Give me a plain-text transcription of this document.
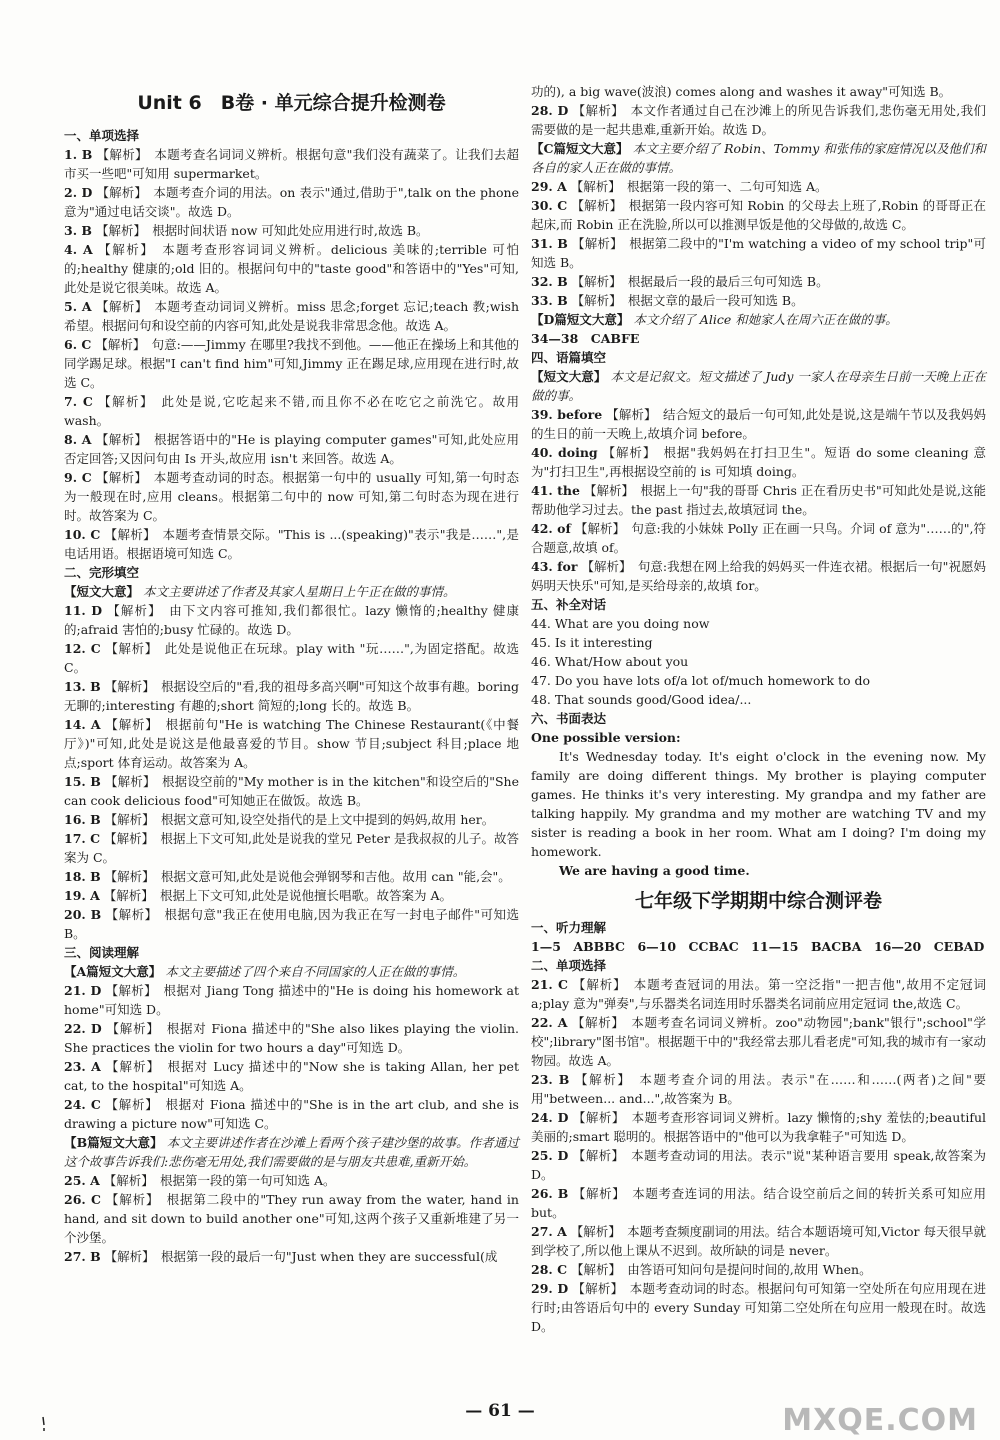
Unit 6　B卷 · 单元综合提升检测卷

一、单项选择

1. B 【解析】　本题考查名词词义辨析。根据句意"我们没有蔬菜了。让我们去超市买一些吧"可知用 supermarket。

2. D 【解析】　本题考查介词的用法。on 表示"通过,借助于",talk on the phone 意为"通过电话交谈"。故选 D。

3. B 【解析】　根据时间状语 now 可知此处应用进行时,故选 B。

4. A 【解析】　本题考查形容词词义辨析。delicious 美味的;terrible 可怕的;healthy 健康的;old 旧的。根据问句中的"taste good"和答语中的"Yes"可知,此处是说它很美味。故选 A。

5. A 【解析】　本题考查动词词义辨析。miss 思念;forget 忘记;teach 教;wish 希望。根据问句和设空前的内容可知,此处是说我非常思念他。故选 A。

6. C 【解析】　句意:——Jimmy 在哪里?我找不到他。——他正在操场上和其他的同学踢足球。根据"I can't find him"可知,Jimmy 正在踢足球,应用现在进行时,故选 C。

7. C 【解析】　此处是说,它吃起来不错,而且你不必在吃它之前洗它。故用 wash。

8. A 【解析】　根据答语中的"He is playing computer games"可知,此处应用否定回答;又因问句由 Is 开头,故应用 isn't 来回答。故选 A。

9. C 【解析】　本题考查动词的时态。根据第一句中的 usually 可知,第一句时态为一般现在时,应用 cleans。根据第二句中的 now 可知,第二句时态为现在进行时。故答案为 C。

10. C 【解析】　本题考查情景交际。"This is ...(speaking)"表示"我是……",是电话用语。根据语境可知选 C。

二、完形填空

【短文大意】 本文主要讲述了作者及其家人星期日上午正在做的事情。

11. D 【解析】　由下文内容可推知,我们都很忙。lazy 懒惰的;healthy 健康的;afraid 害怕的;busy 忙碌的。故选 D。

12. C 【解析】　此处是说他正在玩球。play with "玩……",为固定搭配。故选 C。

13. B 【解析】　根据设空后的"看,我的祖母多高兴啊"可知这个故事有趣。boring 无聊的;interesting 有趣的;short 简短的;long 长的。故选 B。

14. A 【解析】　根据前句"He is watching The Chinese Restaurant(《中餐厅》)"可知,此处是说这是他最喜爱的节目。show 节目;subject 科目;place 地点;sport 体育运动。故答案为 A。

15. B 【解析】　根据设空前的"My mother is in the kitchen"和设空后的"She can cook delicious food"可知她正在做饭。故选 B。

16. B 【解析】　根据文意可知,设空处指代的是上文中提到的妈妈,故用 her。

17. C 【解析】　根据上下文可知,此处是说我的堂兄 Peter 是我叔叔的儿子。故答案为 C。

18. B 【解析】　根据文意可知,此处是说他会弹钢琴和吉他。故用 can "能,会"。

19. A 【解析】　根据上下文可知,此处是说他擅长唱歌。故答案为 A。

20. B 【解析】　根据句意"我正在使用电脑,因为我正在写一封电子邮件"可知选 B。

三、阅读理解

【A篇短文大意】 本文主要描述了四个来自不同国家的人正在做的事情。

21. D 【解析】　根据对 Jiang Tong 描述中的"He is doing his homework at home"可知选 D。

22. D 【解析】　根据对 Fiona 描述中的"She also likes playing the violin. She practices the violin for two hours a day"可知选 D。

23. A 【解析】　根据对 Lucy 描述中的"Now she is taking Allan, her pet cat, to the hospital"可知选 A。

24. C 【解析】　根据对 Fiona 描述中的"She is in the art club, and she is drawing a picture now"可知选 C。

【B篇短文大意】 本文主要讲述作者在沙滩上看两个孩子建沙堡的故事。作者通过这个故事告诉我们:悲伤毫无用处,我们需要做的是与朋友共患难,重新开始。

25. A 【解析】　根据第一段的第一句可知选 A。

26. C 【解析】　根据第二段中的"They run away from the water, hand in hand, and sit down to build another one"可知,这两个孩子又重新堆建了另一个沙堡。

27. B 【解析】　根据第一段的最后一句"Just when they are successful(成

功的), a big wave(波浪) comes along and washes it away"可知选 B。

28. D 【解析】　本文作者通过自己在沙滩上的所见告诉我们,悲伤毫无用处,我们需要做的是一起共患难,重新开始。故选 D。

【C篇短文大意】 本文主要介绍了 Robin、Tommy 和张伟的家庭情况以及他们和各自的家人正在做的事情。

29. A 【解析】　根据第一段的第一、二句可知选 A。

30. C 【解析】　根据第一段内容可知 Robin 的父母去上班了,Robin 的哥哥正在起床,而 Robin 正在洗脸,所以可以推测早饭是他的父母做的,故选 C。

31. B 【解析】　根据第二段中的"I'm watching a video of my school trip"可知选 B。

32. B 【解析】　根据最后一段的最后三句可知选 B。

33. B 【解析】　根据文章的最后一段可知选 B。

【D篇短文大意】 本文介绍了 Alice 和她家人在周六正在做的事。

34—38　CABFE

四、语篇填空

【短文大意】 本文是记叙文。短文描述了 Judy 一家人在母亲生日前一天晚上正在做的事。

39. before 【解析】　结合短文的最后一句可知,此处是说,这是端午节以及我妈妈的生日的前一天晚上,故填介词 before。

40. doing 【解析】　根据"我妈妈在打扫卫生"。短语 do some cleaning 意为"打扫卫生",再根据设空前的 is 可知填 doing。

41. the 【解析】　根据上一句"我的哥哥 Chris 正在看历史书"可知此处是说,这能帮助他学习过去。the past 指过去,故填冠词 the。

42. of 【解析】　句意:我的小妹妹 Polly 正在画一只鸟。介词 of 意为"……的",符合题意,故填 of。

43. for 【解析】　句意:我想在网上给我的妈妈买一件连衣裙。根据后一句"祝愿妈妈明天快乐"可知,是买给母亲的,故填 for。

五、补全对话

44. What are you doing now

45. Is it interesting

46. What/How about you

47. Do you have lots of/a lot of/much homework to do

48. That sounds good/Good idea/...

六、书面表达

One possible version:

It's Wednesday today. It's eight o'clock in the evening now. My family are doing different things. My brother is playing computer games. He thinks it's very interesting. My grandpa and my father are talking happily. My grandma and my mother are watching TV and my sister is reading a book in her room. What am I doing? I'm doing my homework.

We are having a good time.

七年级下学期期中综合测评卷

一、听力理解

1—5　ABBBC　6—10　CCBAC　11—15　BACBA　16—20　CEBAD

二、单项选择

21. C 【解析】　本题考查冠词的用法。第一空泛指"一把吉他",故用不定冠词 a;play 意为"弹奏",与乐器类名词连用时乐器类名词前应用定冠词 the,故选 C。

22. A 【解析】　本题考查名词词义辨析。zoo"动物园";bank"银行";school"学校";library"图书馆"。根据题干中的"我经常去那儿看老虎"可知,我的城市有一家动物园。故选 A。

23. B 【解析】　本题考查介词的用法。表示"在……和……(两者)之间"要用"between... and...",故答案为 B。

24. D 【解析】　本题考查形容词词义辨析。lazy 懒惰的;shy 羞怯的;beautiful 美丽的;smart 聪明的。根据答语中的"他可以为我拿鞋子"可知选 D。

25. D 【解析】　本题考查动词的用法。表示"说"某种语言要用 speak,故答案为 D。

26. B 【解析】　本题考查连词的用法。结合设空前后之间的转折关系可知应用 but。

27. A 【解析】　本题考查频度副词的用法。结合本题语境可知,Victor 每天很早就到学校了,所以他上课从不迟到。故所缺的词是 never。

28. C 【解析】　由答语可知问句是提问时间的,故用 When。

29. D 【解析】　本题考查动词的时态。根据问句可知第一空处所在句应用现在进行时;由答语后句中的 every Sunday 可知第二空处所在句应用一般现在时。故选 D。

— 61 —	MXQE.COM
